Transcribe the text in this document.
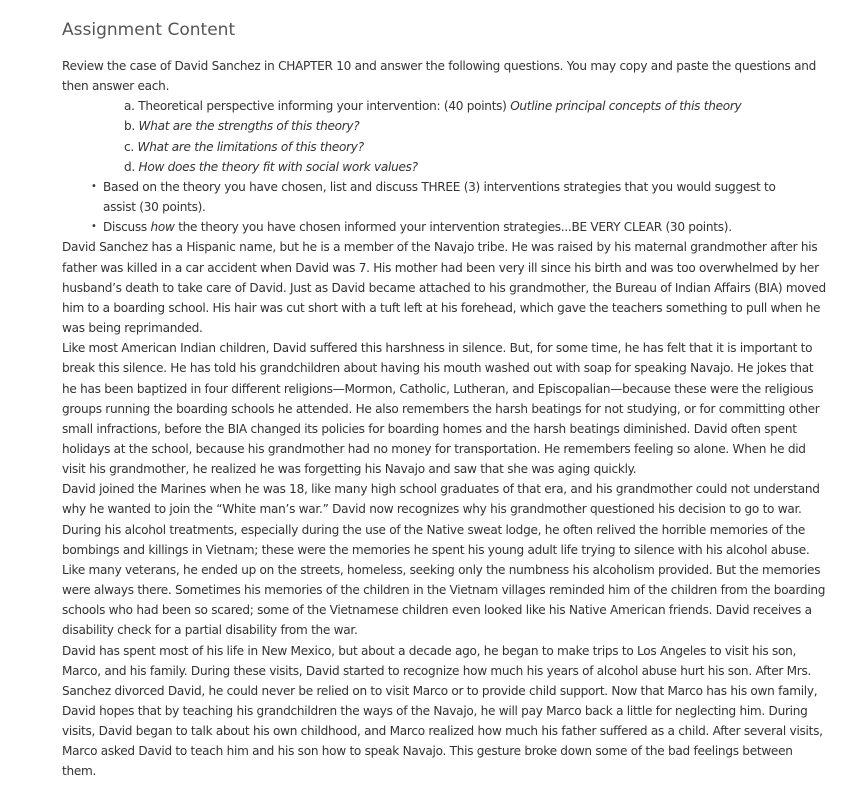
Assignment Content

Review the case of David Sanchez in CHAPTER 10 and answer the following questions. You may copy and paste the questions and then answer each.

a. Theoretical perspective informing your intervention: (40 points) Outline principal concepts of this theory
b. What are the strengths of this theory?
c. What are the limitations of this theory?
d. How does the theory fit with social work values?
• Based on the theory you have chosen, list and discuss THREE (3) interventions strategies that you would suggest to assist (30 points).
• Discuss how the theory you have chosen informed your intervention strategies...BE VERY CLEAR (30 points).

David Sanchez has a Hispanic name, but he is a member of the Navajo tribe. He was raised by his maternal grandmother after his father was killed in a car accident when David was 7. His mother had been very ill since his birth and was too overwhelmed by her husband’s death to take care of David. Just as David became attached to his grandmother, the Bureau of Indian Affairs (BIA) moved him to a boarding school. His hair was cut short with a tuft left at his forehead, which gave the teachers something to pull when he was being reprimanded.

Like most American Indian children, David suffered this harshness in silence. But, for some time, he has felt that it is important to break this silence. He has told his grandchildren about having his mouth washed out with soap for speaking Navajo. He jokes that he has been baptized in four different religions—Mormon, Catholic, Lutheran, and Episcopalian—because these were the religious groups running the boarding schools he attended. He also remembers the harsh beatings for not studying, or for committing other small infractions, before the BIA changed its policies for boarding homes and the harsh beatings diminished. David often spent holidays at the school, because his grandmother had no money for transportation. He remembers feeling so alone. When he did visit his grandmother, he realized he was forgetting his Navajo and saw that she was aging quickly.

David joined the Marines when he was 18, like many high school graduates of that era, and his grandmother could not understand why he wanted to join the “White man’s war.” David now recognizes why his grandmother questioned his decision to go to war. During his alcohol treatments, especially during the use of the Native sweat lodge, he often relived the horrible memories of the bombings and killings in Vietnam; these were the memories he spent his young adult life trying to silence with his alcohol abuse. Like many veterans, he ended up on the streets, homeless, seeking only the numbness his alcoholism provided. But the memories were always there. Sometimes his memories of the children in the Vietnam villages reminded him of the children from the boarding schools who had been so scared; some of the Vietnamese children even looked like his Native American friends. David receives a disability check for a partial disability from the war.

David has spent most of his life in New Mexico, but about a decade ago, he began to make trips to Los Angeles to visit his son, Marco, and his family. During these visits, David started to recognize how much his years of alcohol abuse hurt his son. After Mrs. Sanchez divorced David, he could never be relied on to visit Marco or to provide child support. Now that Marco has his own family, David hopes that by teaching his grandchildren the ways of the Navajo, he will pay Marco back a little for neglecting him. During visits, David began to talk about his own childhood, and Marco realized how much his father suffered as a child. After several visits, Marco asked David to teach him and his son how to speak Navajo. This gesture broke down some of the bad feelings between them.
